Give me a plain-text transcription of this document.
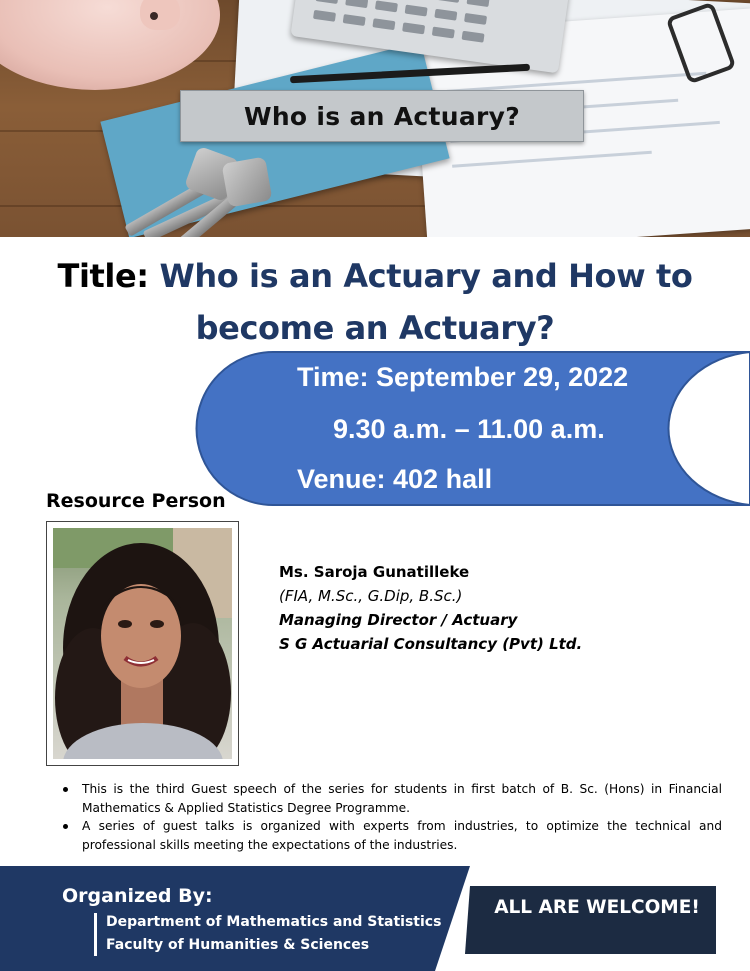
Who is an Actuary?
Title: Who is an Actuary and How to
become an Actuary?
Time: September 29, 2022
9.30 a.m. – 11.00 a.m.
Venue: 402 hall
Resource Person
Ms. Saroja Gunatilleke
(FIA, M.Sc., G.Dip, B.Sc.)
Managing Director / Actuary
S G Actuarial Consultancy (Pvt) Ltd.
This is the third Guest speech of the series for students in first batch of B. Sc. (Hons) in Financial Mathematics & Applied Statistics Degree Programme.
A series of guest talks is organized with experts from industries, to optimize the technical and professional skills meeting the expectations of the industries.
Organized By:
Department of Mathematics and Statistics
Faculty of Humanities & Sciences
ALL ARE WELCOME!
